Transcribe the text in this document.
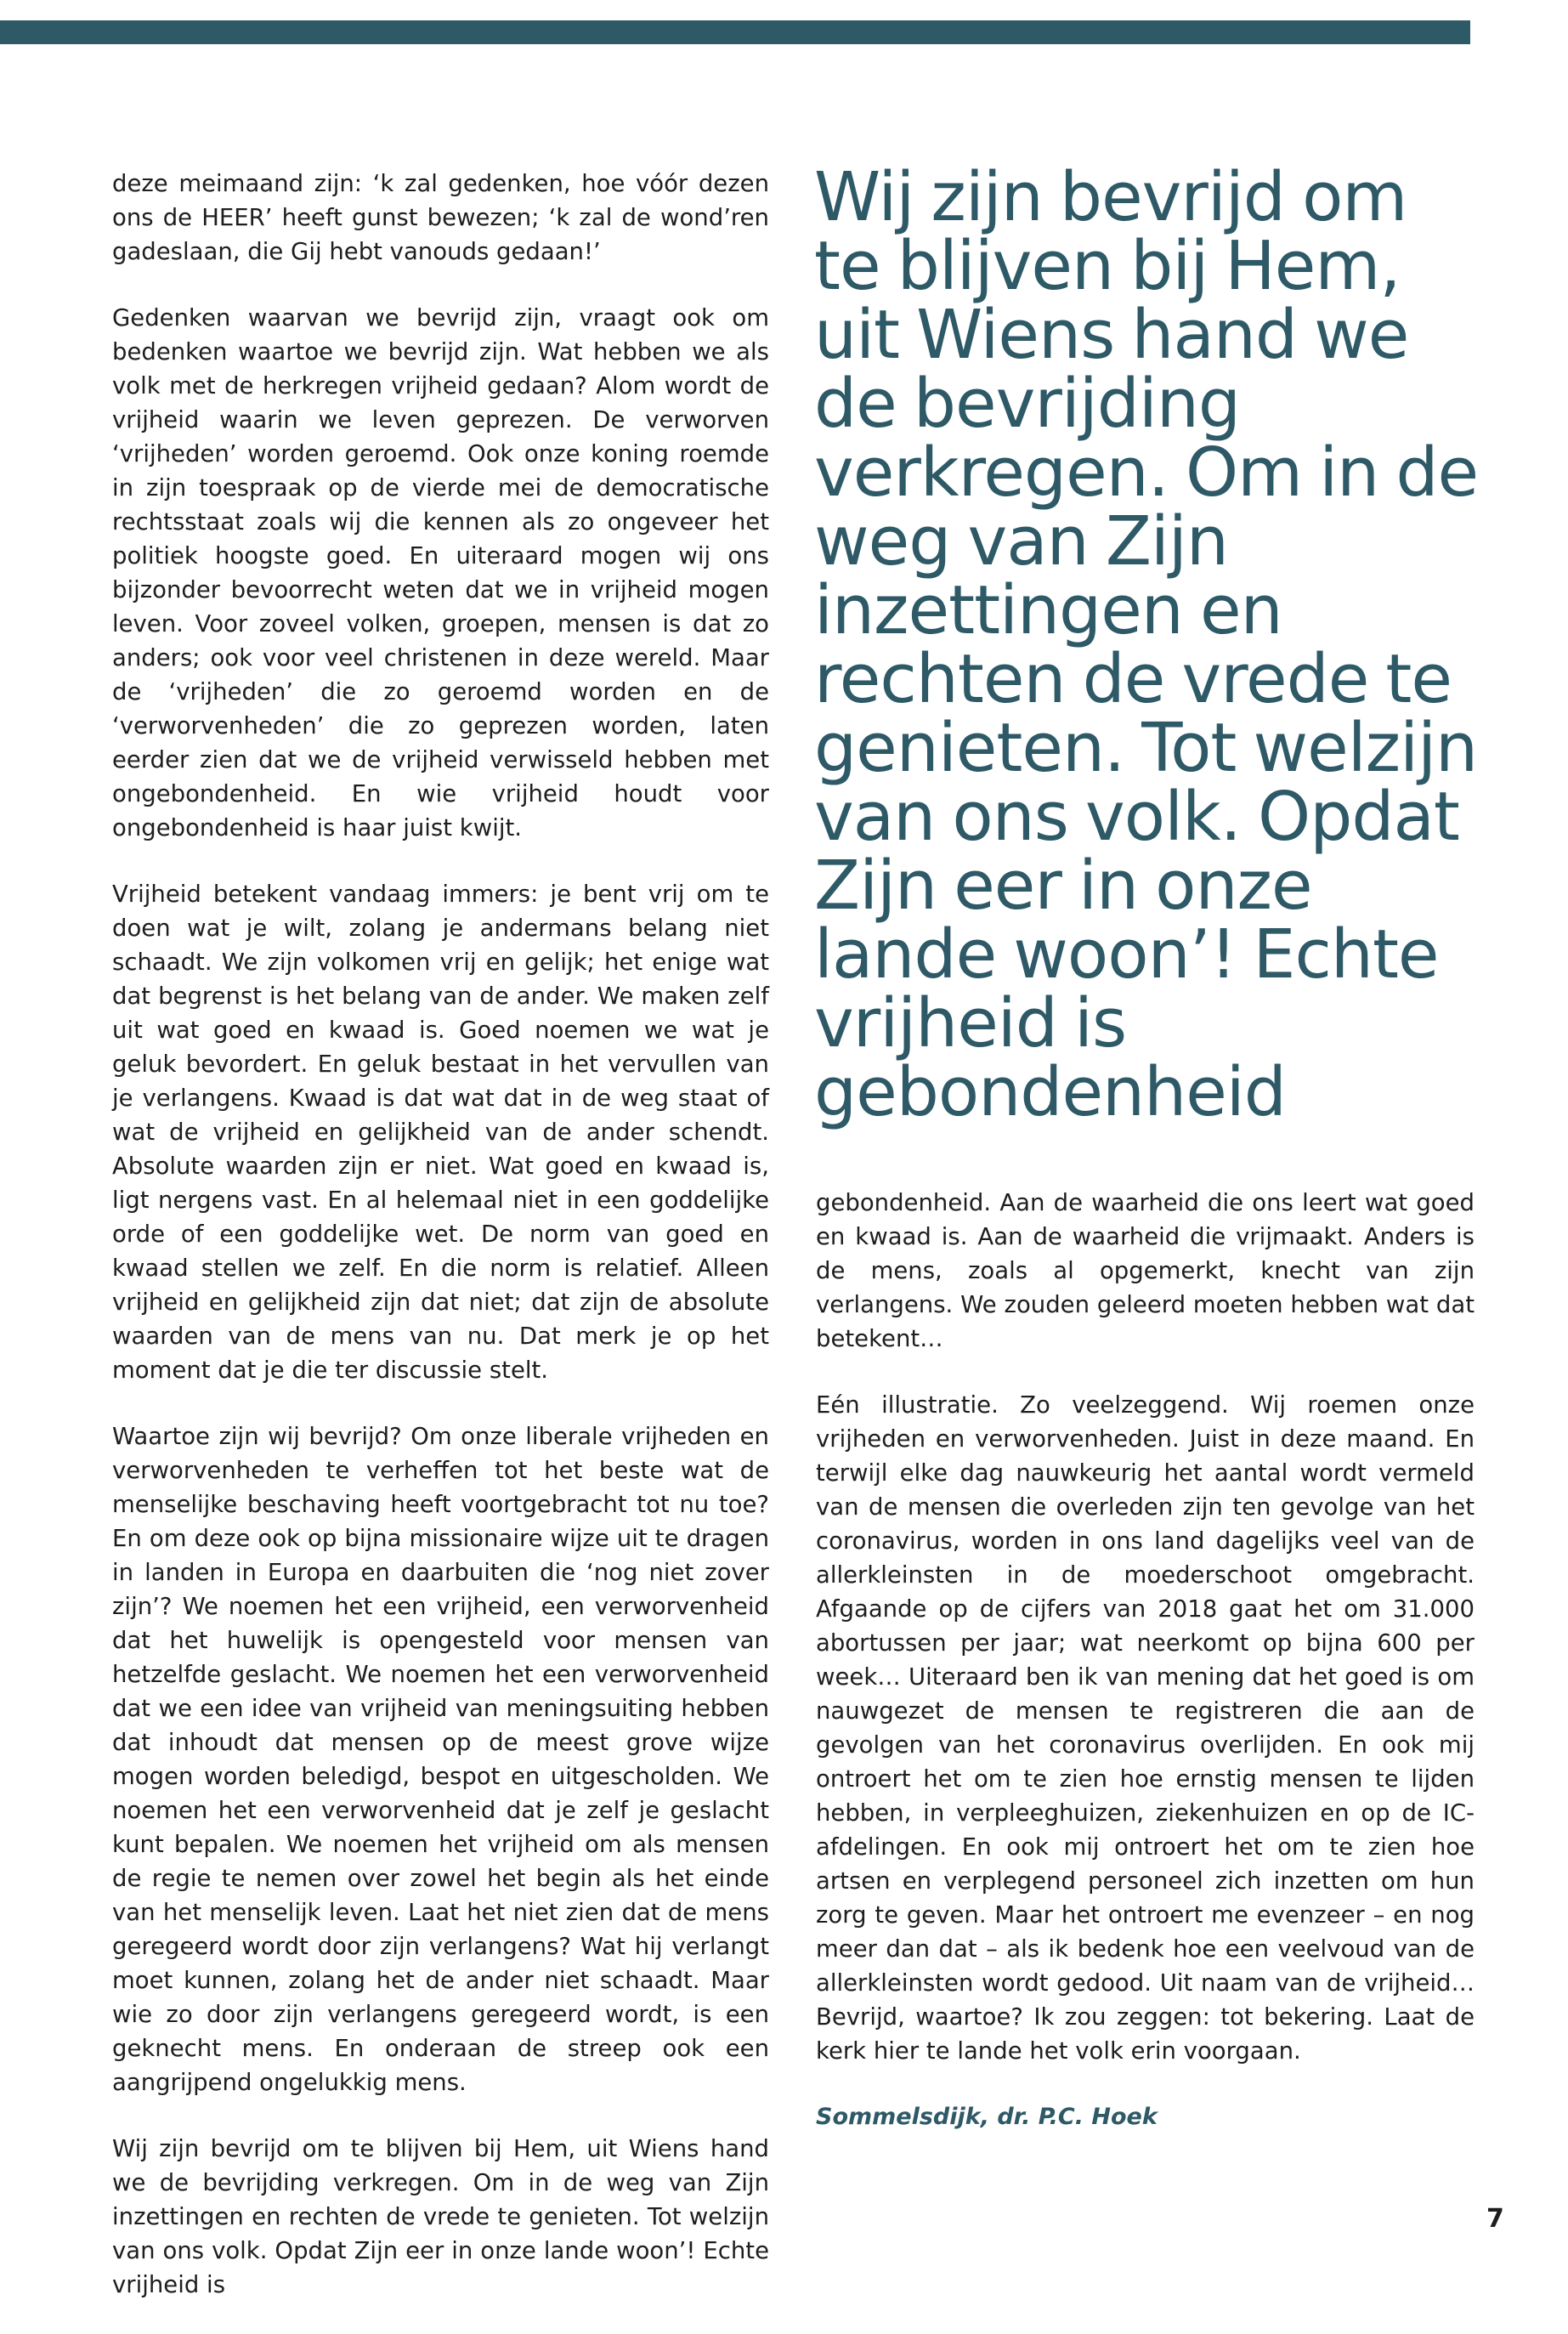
deze meimaand zijn: ‘k zal gedenken, hoe vóór dezen ons de HEER’ heeft gunst bewezen; ‘k zal de wond’ren gadeslaan, die Gij hebt vanouds gedaan!’

Gedenken waarvan we bevrijd zijn, vraagt ook om bedenken waartoe we bevrijd zijn. Wat hebben we als volk met de herkregen vrijheid gedaan? Alom wordt de vrijheid waarin we leven geprezen. De verworven ‘vrijheden’ worden geroemd. Ook onze koning roemde in zijn toespraak op de vierde mei de democratische rechtsstaat zoals wij die kennen als zo ongeveer het politiek hoogste goed. En uiteraard mogen wij ons bijzonder bevoorrecht weten dat we in vrijheid mogen leven. Voor zoveel volken, groepen, mensen is dat zo anders; ook voor veel christenen in deze wereld. Maar de ‘vrijheden’ die zo geroemd worden en de ‘verworvenheden’ die zo geprezen worden, laten eerder zien dat we de vrijheid verwisseld hebben met ongebondenheid. En wie vrijheid houdt voor ongebondenheid is haar juist kwijt.

Vrijheid betekent vandaag immers: je bent vrij om te doen wat je wilt, zolang je andermans belang niet schaadt. We zijn volkomen vrij en gelijk; het enige wat dat begrenst is het belang van de ander. We maken zelf uit wat goed en kwaad is. Goed noemen we wat je geluk bevordert. En geluk bestaat in het vervullen van je verlangens. Kwaad is dat wat dat in de weg staat of wat de vrijheid en gelijkheid van de ander schendt. Absolute waarden zijn er niet. Wat goed en kwaad is, ligt nergens vast. En al helemaal niet in een goddelijke orde of een goddelijke wet. De norm van goed en kwaad stellen we zelf. En die norm is relatief. Alleen vrijheid en gelijkheid zijn dat niet; dat zijn de absolute waarden van de mens van nu. Dat merk je op het moment dat je die ter discussie stelt.

Waartoe zijn wij bevrijd? Om onze liberale vrijheden en verworvenheden te verheffen tot het beste wat de menselijke beschaving heeft voortgebracht tot nu toe? En om deze ook op bijna missionaire wijze uit te dragen in landen in Europa en daarbuiten die ‘nog niet zover zijn’? We noemen het een vrijheid, een verworvenheid dat het huwelijk is opengesteld voor mensen van hetzelfde geslacht. We noemen het een verworvenheid dat we een idee van vrijheid van meningsuiting hebben dat inhoudt dat mensen op de meest grove wijze mogen worden beledigd, bespot en uitgescholden. We noemen het een verworvenheid dat je zelf je geslacht kunt bepalen. We noemen het vrijheid om als mensen de regie te nemen over zowel het begin als het einde van het menselijk leven. Laat het niet zien dat de mens geregeerd wordt door zijn verlangens? Wat hij verlangt moet kunnen, zolang het de ander niet schaadt. Maar wie zo door zijn verlangens geregeerd wordt, is een geknecht mens. En onderaan de streep ook een aangrijpend ongelukkig mens.

Wij zijn bevrijd om te blijven bij Hem, uit Wiens hand we de bevrijding verkregen. Om in de weg van Zijn inzettingen en rechten de vrede te genieten. Tot welzijn van ons volk. Opdat Zijn eer in onze lande woon’! Echte vrijheid is

Wij zijn bevrijd om te blijven bij Hem, uit Wiens hand we de bevrijding verkregen. Om in de weg van Zijn inzettingen en rechten de vrede te genieten. Tot welzijn van ons volk. Opdat Zijn eer in onze lande woon’! Echte vrijheid is gebondenheid

gebondenheid. Aan de waarheid die ons leert wat goed en kwaad is. Aan de waarheid die vrijmaakt. Anders is de mens, zoals al opgemerkt, knecht van zijn verlangens. We zouden geleerd moeten hebben wat dat betekent…

Eén illustratie. Zo veelzeggend. Wij roemen onze vrijheden en verworvenheden. Juist in deze maand. En terwijl elke dag nauwkeurig het aantal wordt vermeld van de mensen die overleden zijn ten gevolge van het coronavirus, worden in ons land dagelijks veel van de allerkleinsten in de moederschoot omgebracht. Afgaande op de cijfers van 2018 gaat het om 31.000 abortussen per jaar; wat neerkomt op bijna 600 per week… Uiteraard ben ik van mening dat het goed is om nauwgezet de mensen te registreren die aan de gevolgen van het coronavirus overlijden. En ook mij ontroert het om te zien hoe ernstig mensen te lijden hebben, in verpleeghuizen, ziekenhuizen en op de IC-afdelingen. En ook mij ontroert het om te zien hoe artsen en verplegend personeel zich inzetten om hun zorg te geven. Maar het ontroert me evenzeer – en nog meer dan dat – als ik bedenk hoe een veelvoud van de allerkleinsten wordt gedood. Uit naam van de vrijheid… Bevrijd, waartoe? Ik zou zeggen: tot bekering. Laat de kerk hier te lande het volk erin voorgaan.

Sommelsdijk, dr. P.C. Hoek
7
